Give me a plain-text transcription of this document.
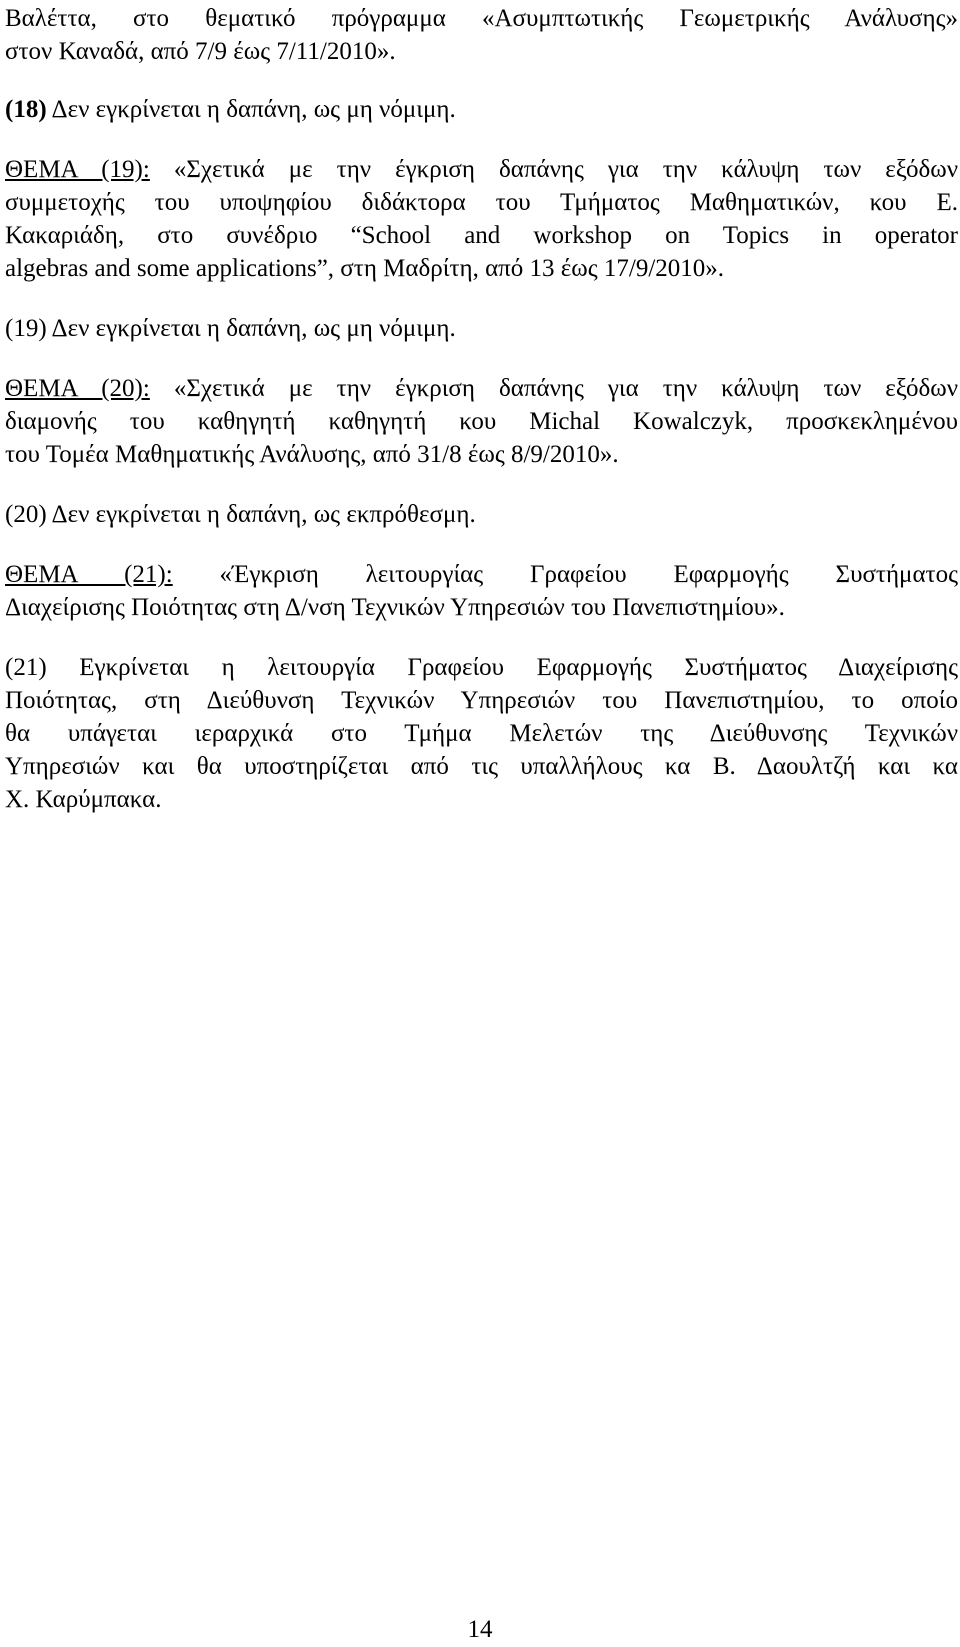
Βαλέττα, στο θεματικό πρόγραμμα «Ασυμπτωτικής Γεωμετρικής Ανάλυσης»
στον Καναδά, από 7/9 έως 7/11/2010».

(18) Δεν εγκρίνεται η δαπάνη, ως μη νόμιμη.

ΘΕΜΑ (19): «Σχετικά με την έγκριση δαπάνης για την κάλυψη των εξόδων
συμμετοχής του υποψηφίου διδάκτορα του Τμήματος Μαθηματικών, κου Ε.
Κακαριάδη, στο συνέδριο “School and workshop on Topics in operator
algebras and some applications”, στη Μαδρίτη, από 13 έως 17/9/2010».

(19) Δεν εγκρίνεται η δαπάνη, ως μη νόμιμη.

ΘΕΜΑ (20): «Σχετικά με την έγκριση δαπάνης για την κάλυψη των εξόδων
διαμονής του καθηγητή καθηγητή κου Michal Kowalczyk, προσκεκλημένου
του Τομέα Μαθηματικής Ανάλυσης, από 31/8 έως 8/9/2010».

(20) Δεν εγκρίνεται η δαπάνη, ως εκπρόθεσμη.

ΘΕΜΑ (21): «Έγκριση λειτουργίας Γραφείου Εφαρμογής Συστήματος
Διαχείρισης Ποιότητας στη Δ/νση Τεχνικών Υπηρεσιών του Πανεπιστημίου».

(21) Εγκρίνεται η λειτουργία Γραφείου Εφαρμογής Συστήματος Διαχείρισης
Ποιότητας, στη Διεύθυνση Τεχνικών Υπηρεσιών του Πανεπιστημίου, το οποίο
θα υπάγεται ιεραρχικά στο Τμήμα Μελετών της Διεύθυνσης Τεχνικών
Υπηρεσιών και θα υποστηρίζεται από τις υπαλλήλους κα Β. Δαουλτζή και κα
Χ. Καρύμπακα.

14
